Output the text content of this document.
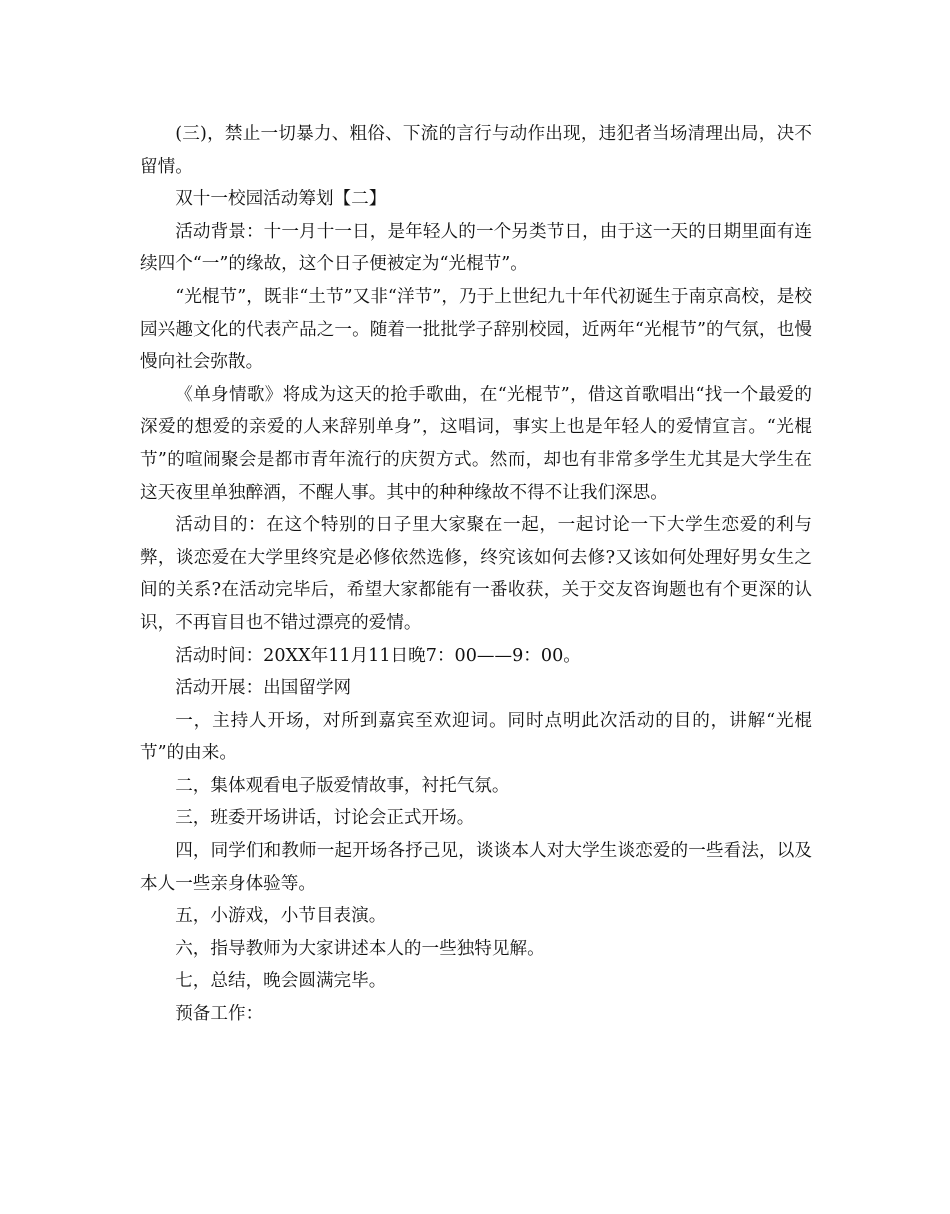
(三)，禁止一切暴力、粗俗、下流的言行与动作出现，违犯者当场清理出局，决不留情。

双十一校园活动筹划【二】

活动背景：十一月十一日，是年轻人的一个另类节日，由于这一天的日期里面有连续四个“一”的缘故，这个日子便被定为“光棍节”。

“光棍节”，既非“土节”又非“洋节”，乃于上世纪九十年代初诞生于南京高校，是校园兴趣文化的代表产品之一。随着一批批学子辞别校园，近两年“光棍节”的气氛，也慢慢向社会弥散。

《单身情歌》将成为这天的抢手歌曲，在“光棍节”，借这首歌唱出“找一个最爱的深爱的想爱的亲爱的人来辞别单身”，这唱词，事实上也是年轻人的爱情宣言。“光棍节”的喧闹聚会是都市青年流行的庆贺方式。然而，却也有非常多学生尤其是大学生在这天夜里单独醉酒，不醒人事。其中的种种缘故不得不让我们深思。

活动目的：在这个特别的日子里大家聚在一起，一起讨论一下大学生恋爱的利与弊，谈恋爱在大学里终究是必修依然选修，终究该如何去修?又该如何处理好男女生之间的关系?在活动完毕后，希望大家都能有一番收获，关于交友咨询题也有个更深的认识，不再盲目也不错过漂亮的爱情。

活动时间：20XX年11月11日晚7：00——9：00。

活动开展：出国留学网

一，主持人开场，对所到嘉宾至欢迎词。同时点明此次活动的目的，讲解“光棍节”的由来。

二，集体观看电子版爱情故事，衬托气氛。

三，班委开场讲话，讨论会正式开场。

四，同学们和教师一起开场各抒己见，谈谈本人对大学生谈恋爱的一些看法，以及本人一些亲身体验等。

五，小游戏，小节目表演。

六，指导教师为大家讲述本人的一些独特见解。

七，总结，晚会圆满完毕。

预备工作：
